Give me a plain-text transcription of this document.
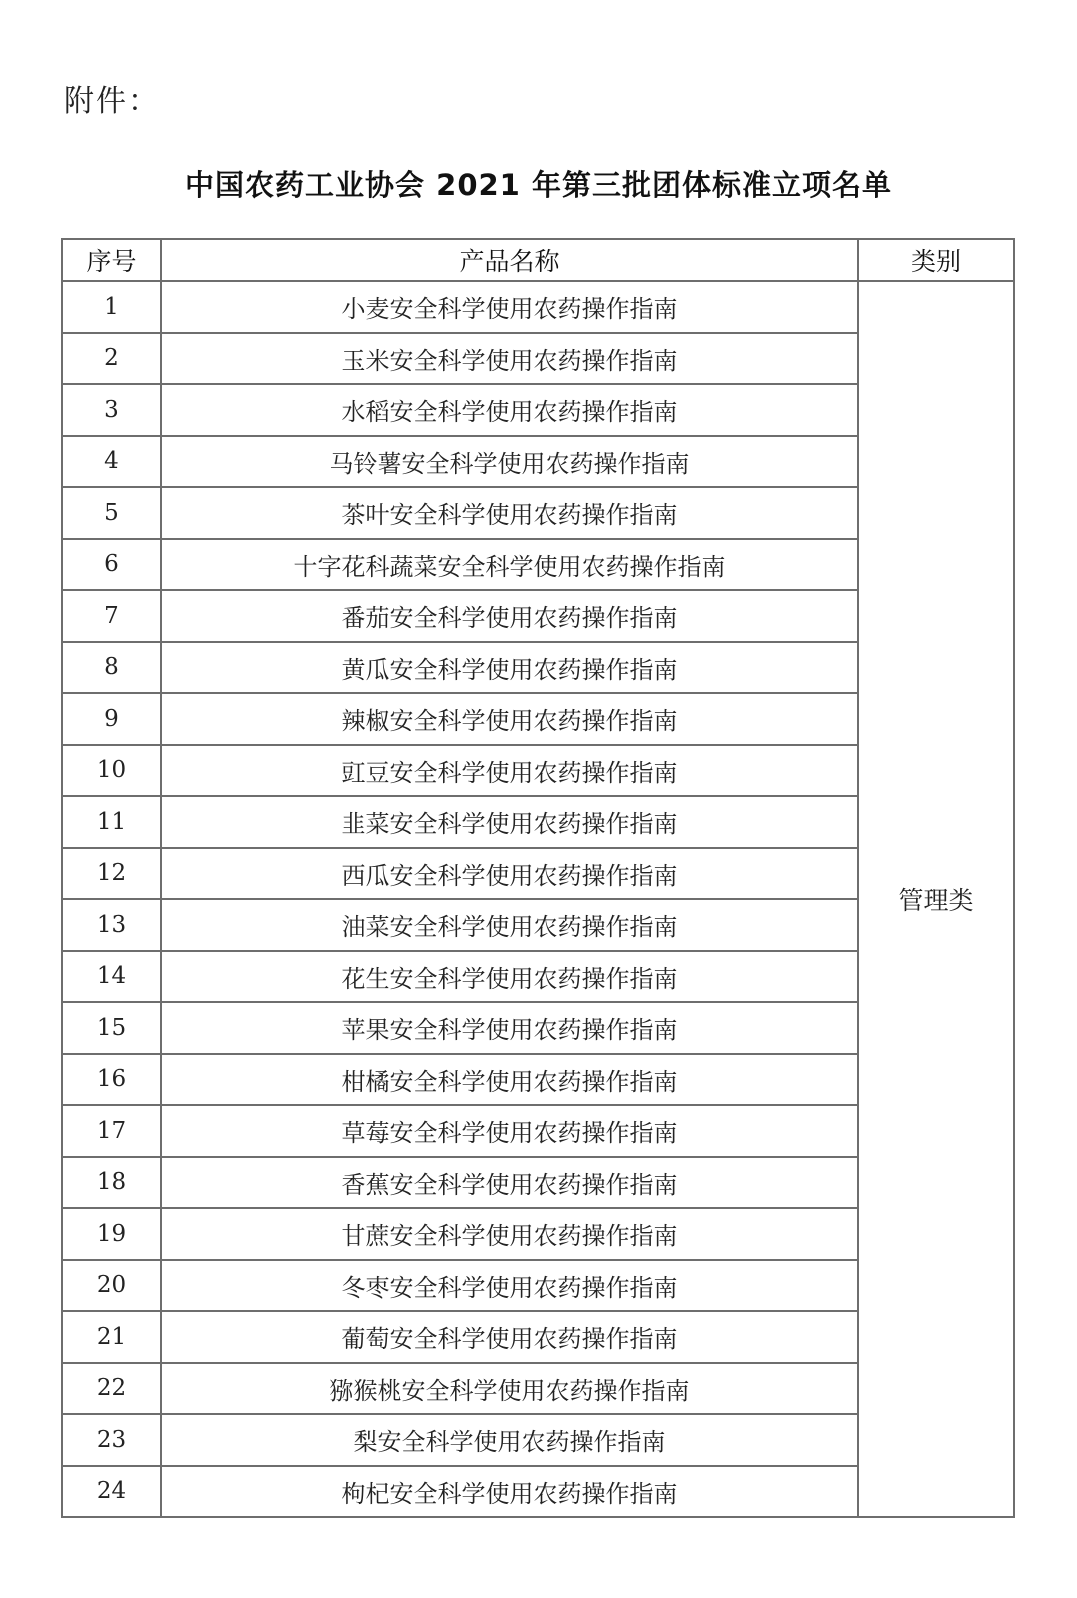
附件：
中国农药工业协会 2021 年第三批团体标准立项名单
序号	产品名称	类别
1	小麦安全科学使用农药操作指南	管理类
2	玉米安全科学使用农药操作指南	
3	水稻安全科学使用农药操作指南	
4	马铃薯安全科学使用农药操作指南	
5	茶叶安全科学使用农药操作指南	
6	十字花科蔬菜安全科学使用农药操作指南	
7	番茄安全科学使用农药操作指南	
8	黄瓜安全科学使用农药操作指南	
9	辣椒安全科学使用农药操作指南	
10	豇豆安全科学使用农药操作指南	
11	韭菜安全科学使用农药操作指南	
12	西瓜安全科学使用农药操作指南	
13	油菜安全科学使用农药操作指南	
14	花生安全科学使用农药操作指南	
15	苹果安全科学使用农药操作指南	
16	柑橘安全科学使用农药操作指南	
17	草莓安全科学使用农药操作指南	
18	香蕉安全科学使用农药操作指南	
19	甘蔗安全科学使用农药操作指南	
20	冬枣安全科学使用农药操作指南	
21	葡萄安全科学使用农药操作指南	
22	猕猴桃安全科学使用农药操作指南	
23	梨安全科学使用农药操作指南	
24	枸杞安全科学使用农药操作指南	
